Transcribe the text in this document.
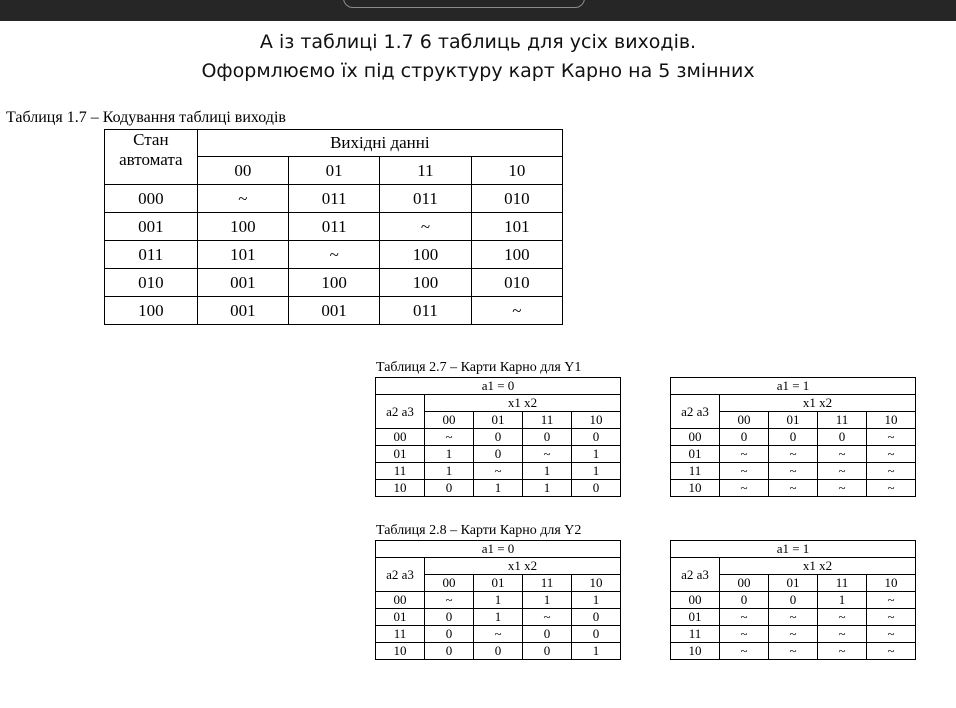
А із таблиці 1.7 6 таблиць для усіх виходів.
Оформлюємо їх під структуру карт Карно на 5 змінних
Таблиця 1.7 – Кодування таблиці виходів
Стан
автомата	Вихідні данні			
	00	01	11	10
000	~	011	011	010
001	100	011	~	101
011	101	~	100	100
010	001	100	100	010
100	001	001	011	~
Таблиця 2.7 – Карти Карно для Y1
a1 = 0				
a2 a3	x1 x2			
	00	01	11	10
00	~	0	0	0
01	1	0	~	1
11	1	~	1	1
10	0	1	1	0
a1 = 1				
a2 a3	x1 x2			
	00	01	11	10
00	0	0	0	~
01	~	~	~	~
11	~	~	~	~
10	~	~	~	~
Таблиця 2.8 – Карти Карно для Y2
a1 = 0				
a2 a3	x1 x2			
	00	01	11	10
00	~	1	1	1
01	0	1	~	0
11	0	~	0	0
10	0	0	0	1
a1 = 1				
a2 a3	x1 x2			
	00	01	11	10
00	0	0	1	~
01	~	~	~	~
11	~	~	~	~
10	~	~	~	~
